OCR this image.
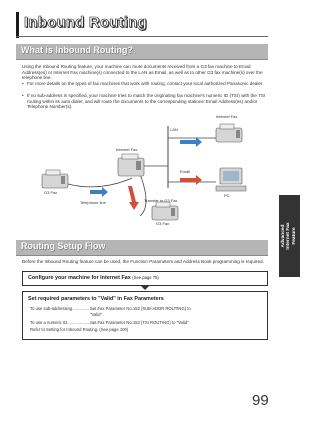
Inbound Routing
What is Inbound Routing?
Using the Inbound Routing feature, your machine can route documents received from a G3 fax machine to Email Address(es) or Internet Fax machine(s) connected to the LAN as Email, as well as to other G3 fax machine(s) over the telephone line.
• For more details on the types of fax machines that work with routing, contact your local authorized Panasonic dealer.
• If no sub-address is specified, your machine tries to match the originating fax machine's numeric ID (TSI) with the TSI routing within its auto dialer, and will route the documents to the corresponding stations' Email Address(es) and/or Telephone Number(s).
Internet Fax
LAN
Internet Fax
Email
G3 Fax
Telephone line
PC
Transfer to G3 Fax
G3 Fax
Routing Setup Flow
Before the Inbound Routing feature can be used, the Function Parameters and Address Book programming is required.
Configure your machine for Internet Fax (See page 75)
Set required parameters to "Valid" in Fax Parameters
To use sub-addressing.......................
Set Fax Parameter No.152 (SUB-ADDR ROUTING) to
"Valid".
To use a numeric ID...........................
Set Fax Parameter No.153 (TSI ROUTING) to "Valid".
Refer to Setting for Inbound Routing. (See page 100)
Advanced
Internet Fax
Feature
99
